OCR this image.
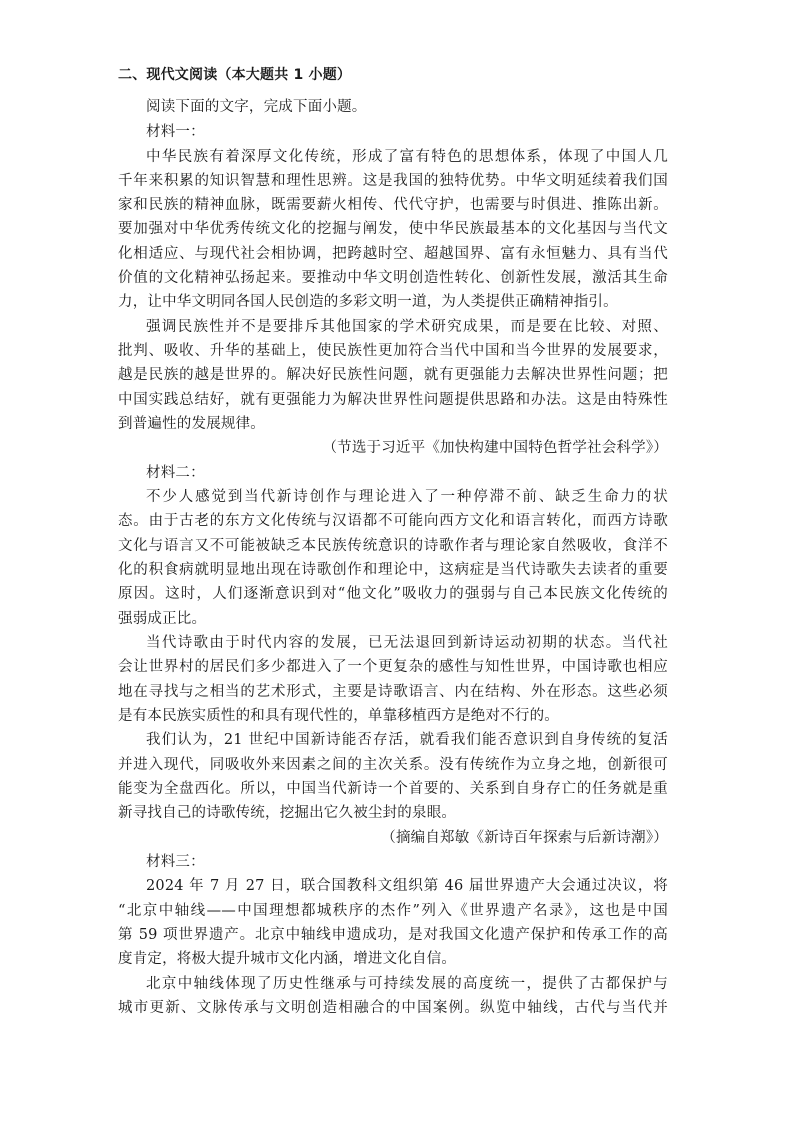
二、现代文阅读（本大题共 1 小题）
阅读下面的文字，完成下面小题。
材料一：
中华民族有着深厚文化传统，形成了富有特色的思想体系，体现了中国人几
千年来积累的知识智慧和理性思辨。这是我国的独特优势。中华文明延续着我们国
家和民族的精神血脉，既需要薪火相传、代代守护，也需要与时俱进、推陈出新。
要加强对中华优秀传统文化的挖掘与阐发，使中华民族最基本的文化基因与当代文
化相适应、与现代社会相协调，把跨越时空、超越国界、富有永恒魅力、具有当代
价值的文化精神弘扬起来。要推动中华文明创造性转化、创新性发展，激活其生命
力，让中华文明同各国人民创造的多彩文明一道，为人类提供正确精神指引。
强调民族性并不是要排斥其他国家的学术研究成果，而是要在比较、对照、
批判、吸收、升华的基础上，使民族性更加符合当代中国和当今世界的发展要求，
越是民族的越是世界的。解决好民族性问题，就有更强能力去解决世界性问题；把
中国实践总结好，就有更强能力为解决世界性问题提供思路和办法。这是由特殊性
到普遍性的发展规律。
（节选于习近平《加快构建中国特色哲学社会科学》）
材料二：
不少人感觉到当代新诗创作与理论进入了一种停滞不前、缺乏生命力的状
态。由于古老的东方文化传统与汉语都不可能向西方文化和语言转化，而西方诗歌
文化与语言又不可能被缺乏本民族传统意识的诗歌作者与理论家自然吸收，食洋不
化的积食病就明显地出现在诗歌创作和理论中，这病症是当代诗歌失去读者的重要
原因。这时，人们逐渐意识到对“他文化”吸收力的强弱与自己本民族文化传统的
强弱成正比。
当代诗歌由于时代内容的发展，已无法退回到新诗运动初期的状态。当代社
会让世界村的居民们多少都进入了一个更复杂的感性与知性世界，中国诗歌也相应
地在寻找与之相当的艺术形式，主要是诗歌语言、内在结构、外在形态。这些必须
是有本民族实质性的和具有现代性的，单靠移植西方是绝对不行的。
我们认为，21 世纪中国新诗能否存活，就看我们能否意识到自身传统的复活
并进入现代，同吸收外来因素之间的主次关系。没有传统作为立身之地，创新很可
能变为全盘西化。所以，中国当代新诗一个首要的、关系到自身存亡的任务就是重
新寻找自己的诗歌传统，挖掘出它久被尘封的泉眼。
（摘编自郑敏《新诗百年探索与后新诗潮》）
材料三：
2024 年 7 月 27 日，联合国教科文组织第 46 届世界遗产大会通过决议，将
“北京中轴线——中国理想都城秩序的杰作”列入《世界遗产名录》，这也是中国
第 59 项世界遗产。北京中轴线申遗成功，是对我国文化遗产保护和传承工作的高
度肯定，将极大提升城市文化内涵，增进文化自信。
北京中轴线体现了历史性继承与可持续发展的高度统一，提供了古都保护与
城市更新、文脉传承与文明创造相融合的中国案例。纵览中轴线，古代与当代并
